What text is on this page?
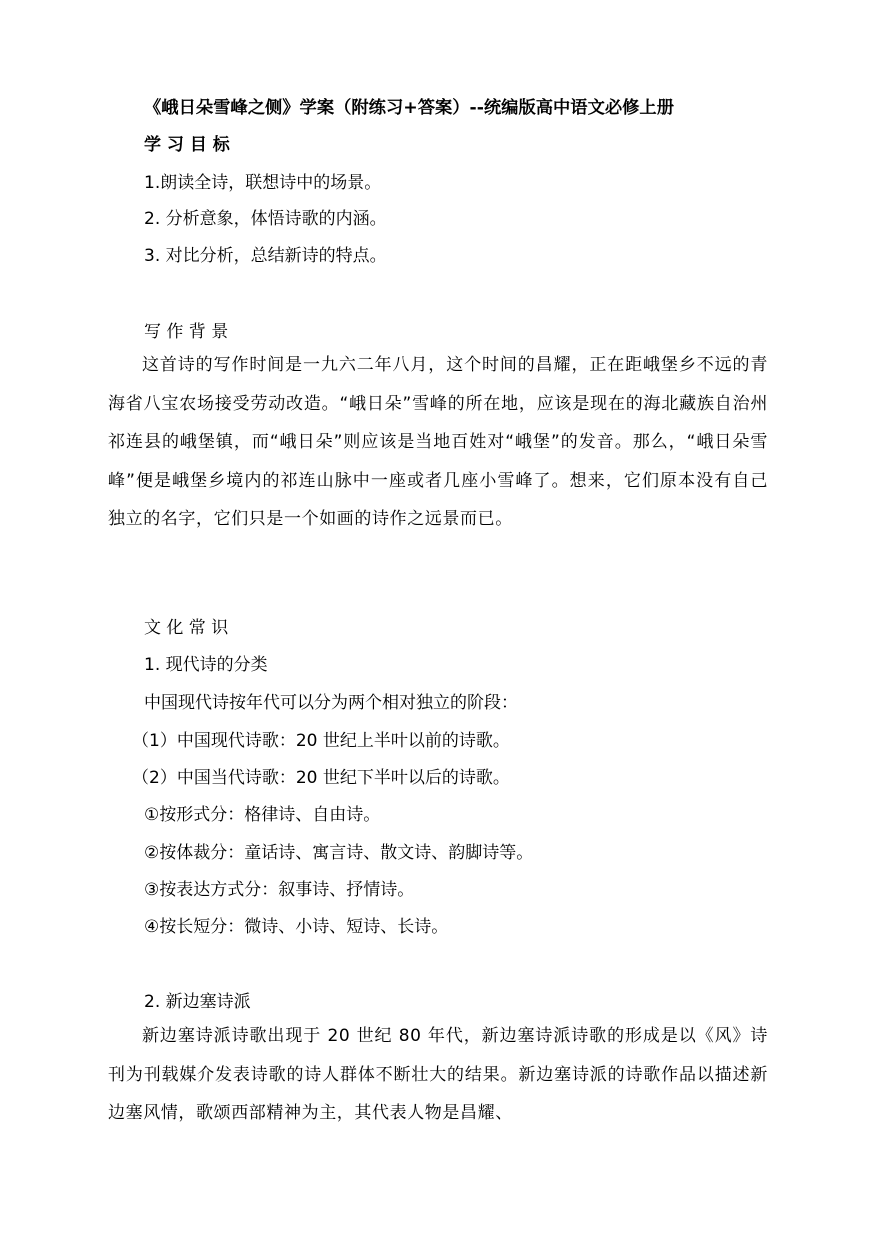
《峨日朵雪峰之侧》学案（附练习+答案）--统编版高中语文必修上册
学 习 目 标
1.朗读全诗，联想诗中的场景。
2. 分析意象，体悟诗歌的内涵。
3. 对比分析，总结新诗的特点。
写 作 背 景
这首诗的写作时间是一九六二年八月，这个时间的昌耀，正在距峨堡乡不远的青海省八宝农场接受劳动改造。“峨日朵”雪峰的所在地，应该是现在的海北藏族自治州祁连县的峨堡镇，而“峨日朵”则应该是当地百姓对“峨堡”的发音。那么，“峨日朵雪峰”便是峨堡乡境内的祁连山脉中一座或者几座小雪峰了。想来，它们原本没有自己独立的名字，它们只是一个如画的诗作之远景而已。
文 化 常 识
1. 现代诗的分类
中国现代诗按年代可以分为两个相对独立的阶段：
（1）中国现代诗歌：20 世纪上半叶以前的诗歌。
（2）中国当代诗歌：20 世纪下半叶以后的诗歌。
①按形式分：格律诗、自由诗。
②按体裁分：童话诗、寓言诗、散文诗、韵脚诗等。
③按表达方式分：叙事诗、抒情诗。
④按长短分：微诗、小诗、短诗、长诗。
2. 新边塞诗派
新边塞诗派诗歌出现于 20 世纪 80 年代，新边塞诗派诗歌的形成是以《风》诗刊为刊载媒介发表诗歌的诗人群体不断壮大的结果。新边塞诗派的诗歌作品以描述新边塞风情，歌颂西部精神为主，其代表人物是昌耀、
